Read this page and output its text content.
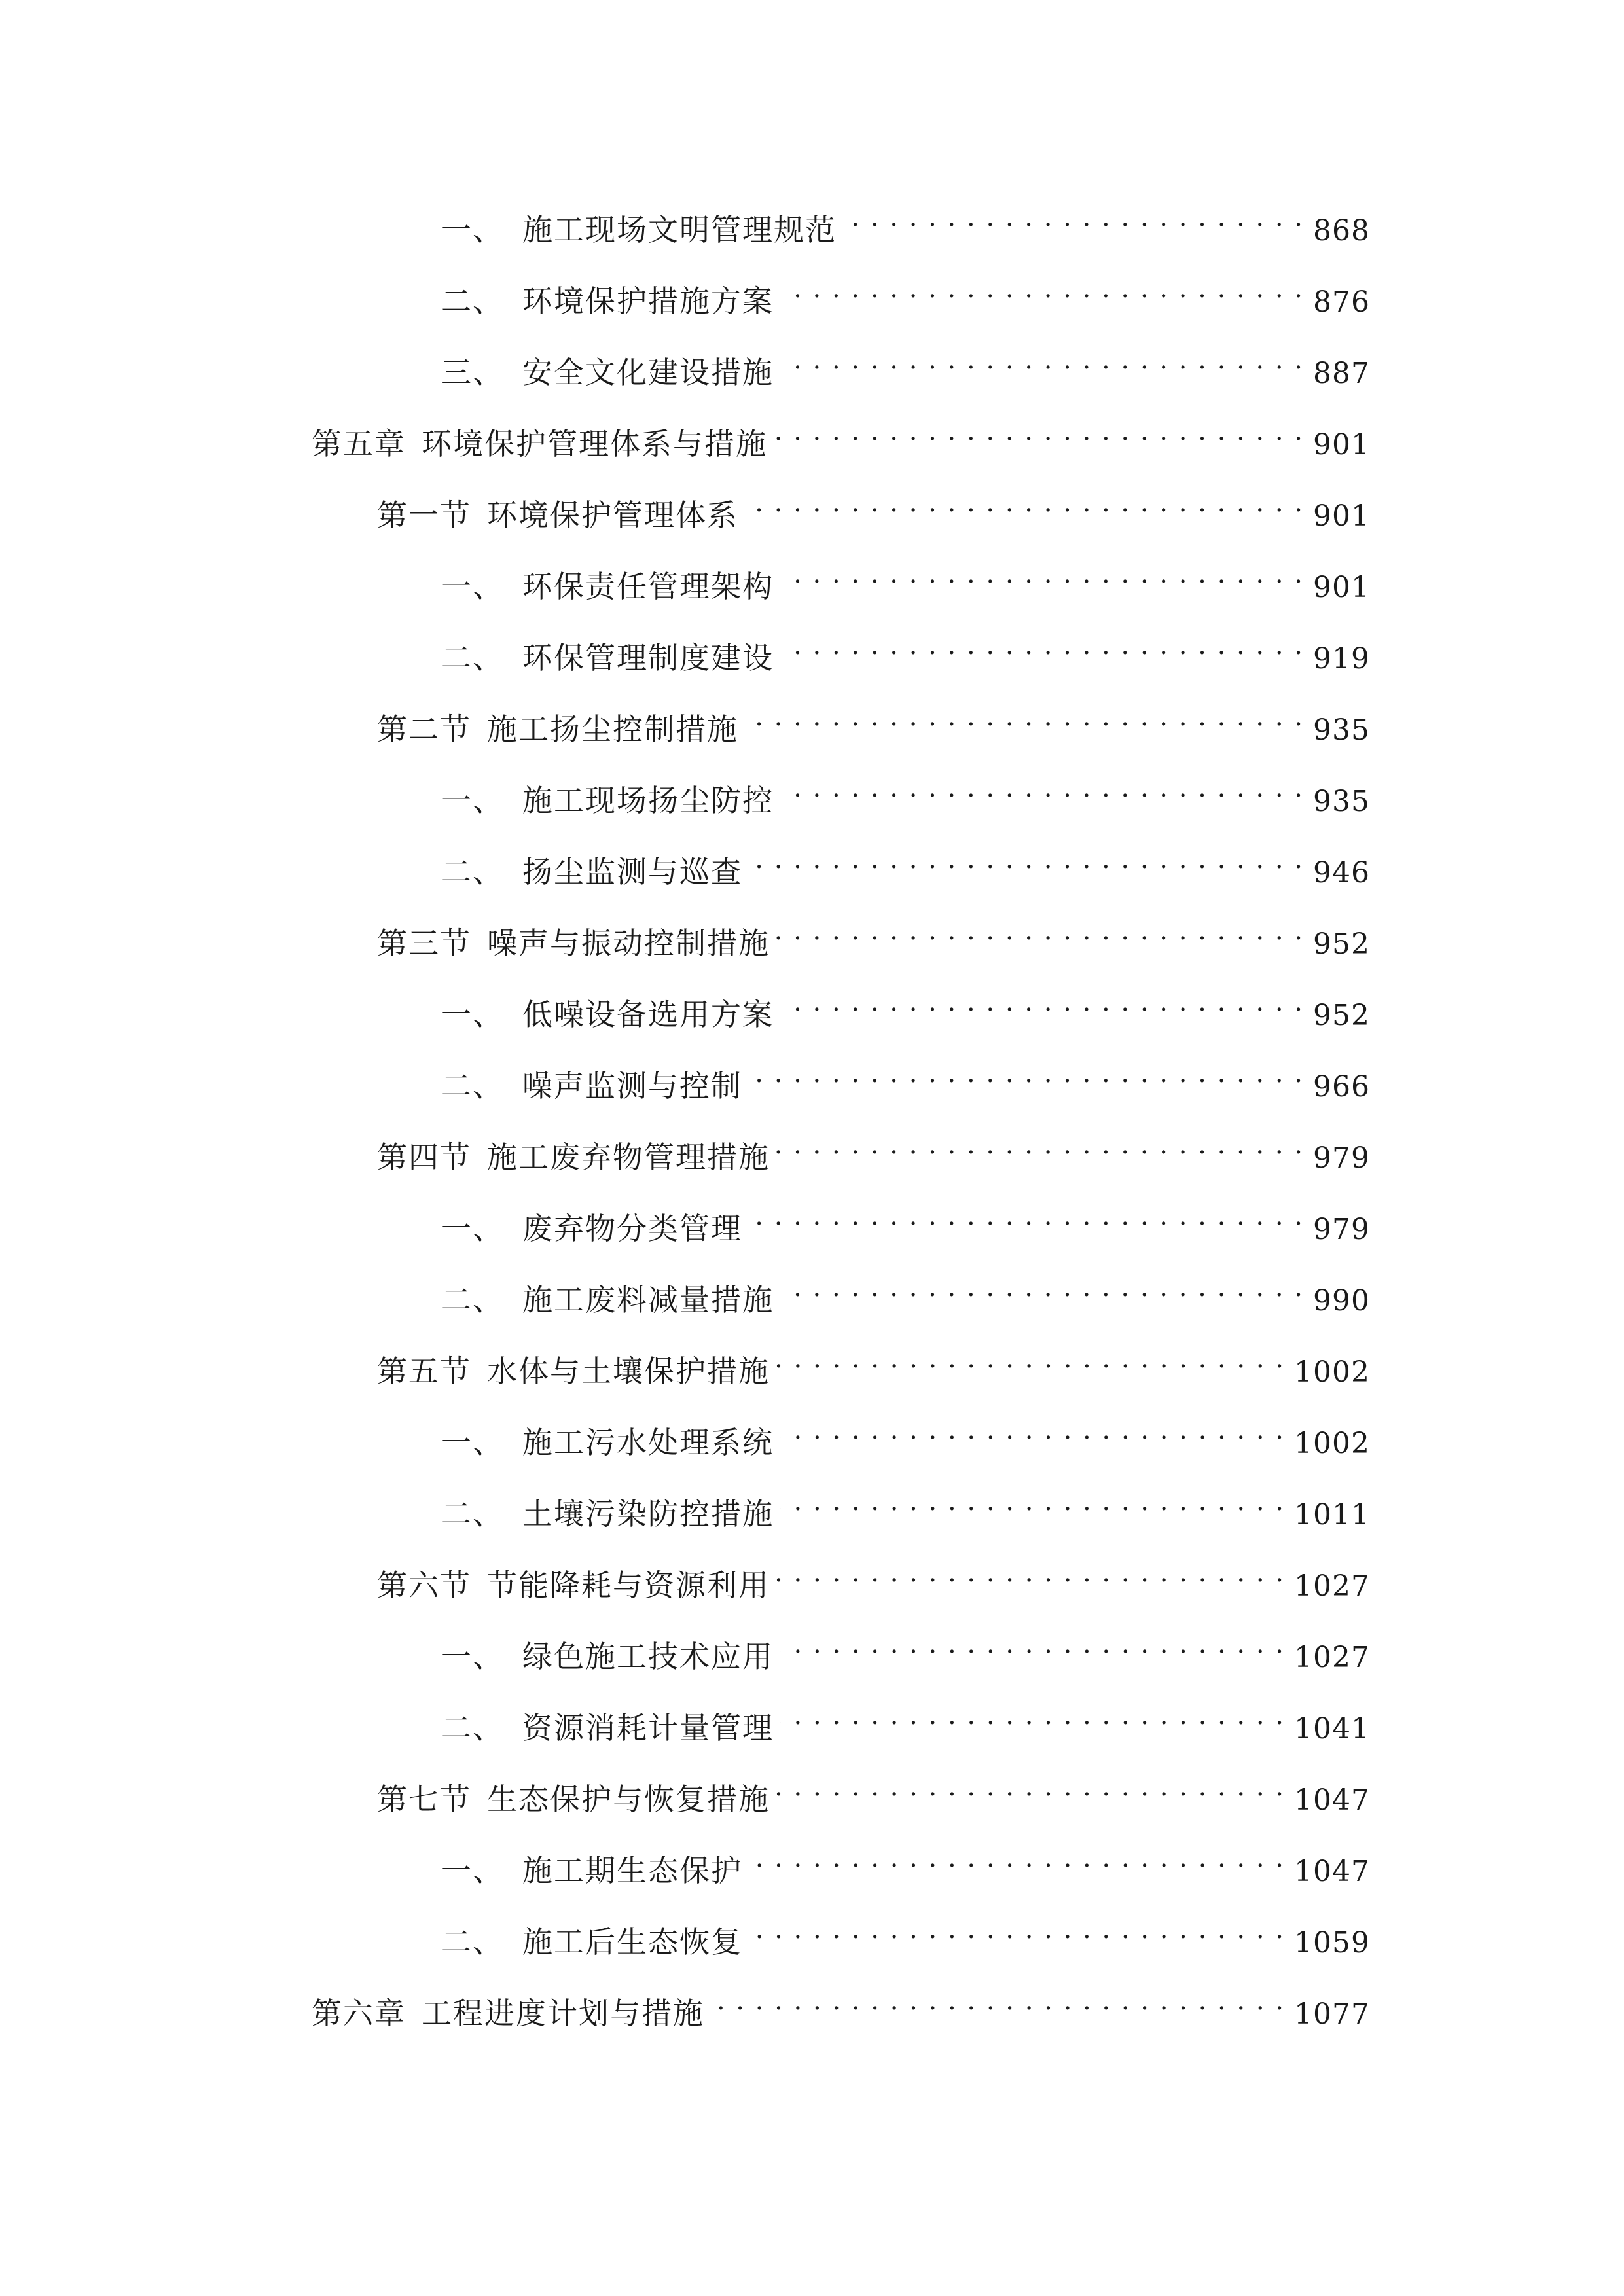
一、 施工现场文明管理规范 . . .	868
二、 环境保护措施方案 . . .	876
三、 安全文化建设措施 . . .	887
第五章 环境保护管理体系与措施 . . .	901
第一节 环境保护管理体系 . . .	901
一、 环保责任管理架构 . . .	901
二、 环保管理制度建设 . . .	919
第二节 施工扬尘控制措施 . . .	935
一、 施工现场扬尘防控 . . .	935
二、 扬尘监测与巡查 . . .	946
第三节 噪声与振动控制措施 . . .	952
一、 低噪设备选用方案 . . .	952
二、 噪声监测与控制 . . .	966
第四节 施工废弃物管理措施 . . .	979
一、 废弃物分类管理 . . .	979
二、 施工废料减量措施 . . .	990
第五节 水体与土壤保护措施 . . .	1002
一、 施工污水处理系统 . . .	1002
二、 土壤污染防控措施 . . .	1011
第六节 节能降耗与资源利用 . . .	1027
一、 绿色施工技术应用 . . .	1027
二、 资源消耗计量管理 . . .	1041
第七节 生态保护与恢复措施 . . .	1047
一、 施工期生态保护 . . .	1047
二、 施工后生态恢复 . . .	1059
第六章 工程进度计划与措施 . . .	1077
